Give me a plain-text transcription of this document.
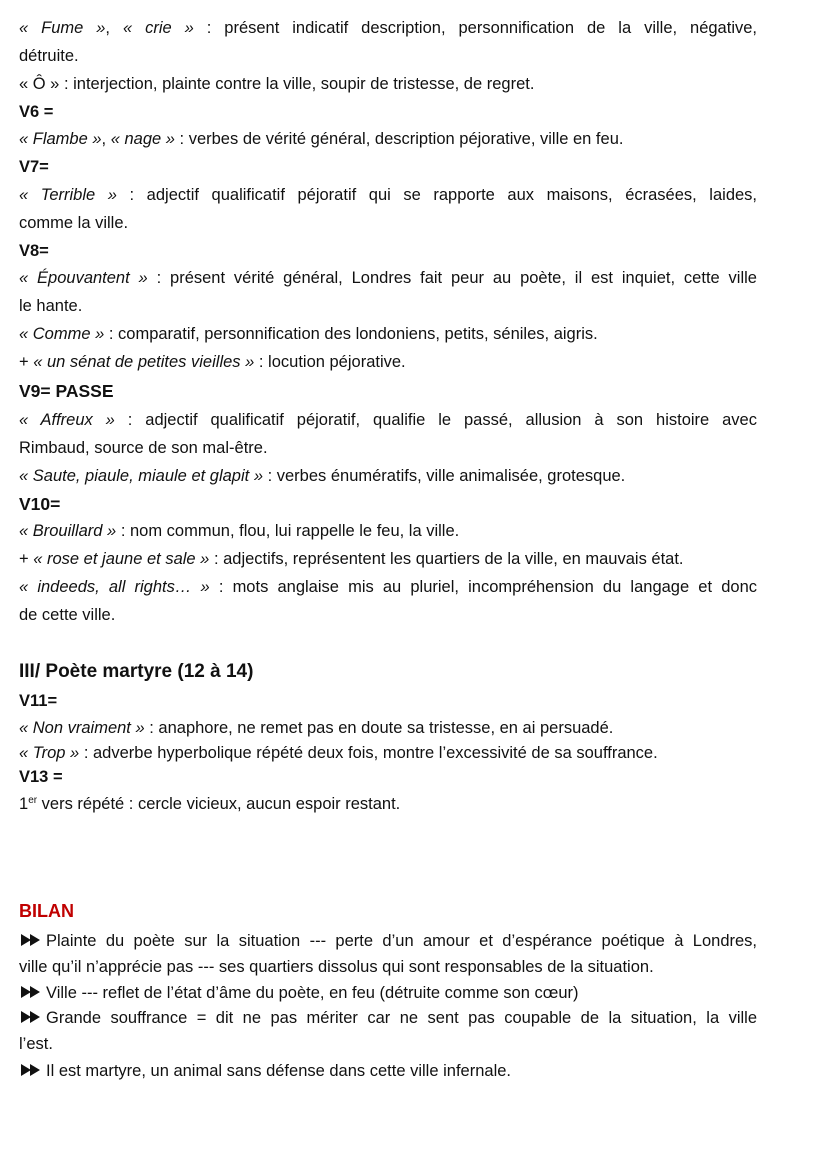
« Fume », « crie » : présent indicatif description, personnification de la ville, négative,
détruite.
« Ô » : interjection, plainte contre la ville, soupir de tristesse, de regret.
V6 =
« Flambe », « nage » : verbes de vérité général, description péjorative, ville en feu.
V7=
« Terrible » : adjectif qualificatif péjoratif qui se rapporte aux maisons, écrasées, laides,
comme la ville.
V8=
« Épouvantent » : présent vérité général, Londres fait peur au poète, il est inquiet, cette ville
le hante.
« Comme » : comparatif, personnification des londoniens, petits, séniles, aigris.
+ « un sénat de petites vieilles » : locution péjorative.
V9= PASSE
« Affreux » : adjectif qualificatif péjoratif, qualifie le passé, allusion à son histoire avec
Rimbaud, source de son mal-être.
« Saute, piaule, miaule et glapit » : verbes énumératifs, ville animalisée, grotesque.
V10=
« Brouillard » : nom commun, flou, lui rappelle le feu, la ville.
+ « rose et jaune et sale » : adjectifs, représentent les quartiers de la ville, en mauvais état.
« indeeds, all rights… » : mots anglaise mis au pluriel, incompréhension du langage et donc
de cette ville.
III/ Poète martyre (12 à 14)
V11=
« Non vraiment » : anaphore, ne remet pas en doute sa tristesse, en ai persuadé.
« Trop » : adverbe hyperbolique répété deux fois, montre l’excessivité de sa souffrance.
V13 =
1er vers répété : cercle vicieux, aucun espoir restant.
BILAN
Plainte du poète sur la situation --- perte d’un amour et d’espérance poétique à Londres,
ville qu’il n’apprécie pas --- ses quartiers dissolus qui sont responsables de la situation.
Ville --- reflet de l’état d’âme du poète, en feu (détruite comme son cœur)
Grande souffrance = dit ne pas mériter car ne sent pas coupable de la situation, la ville
l’est.
Il est martyre, un animal sans défense dans cette ville infernale.
